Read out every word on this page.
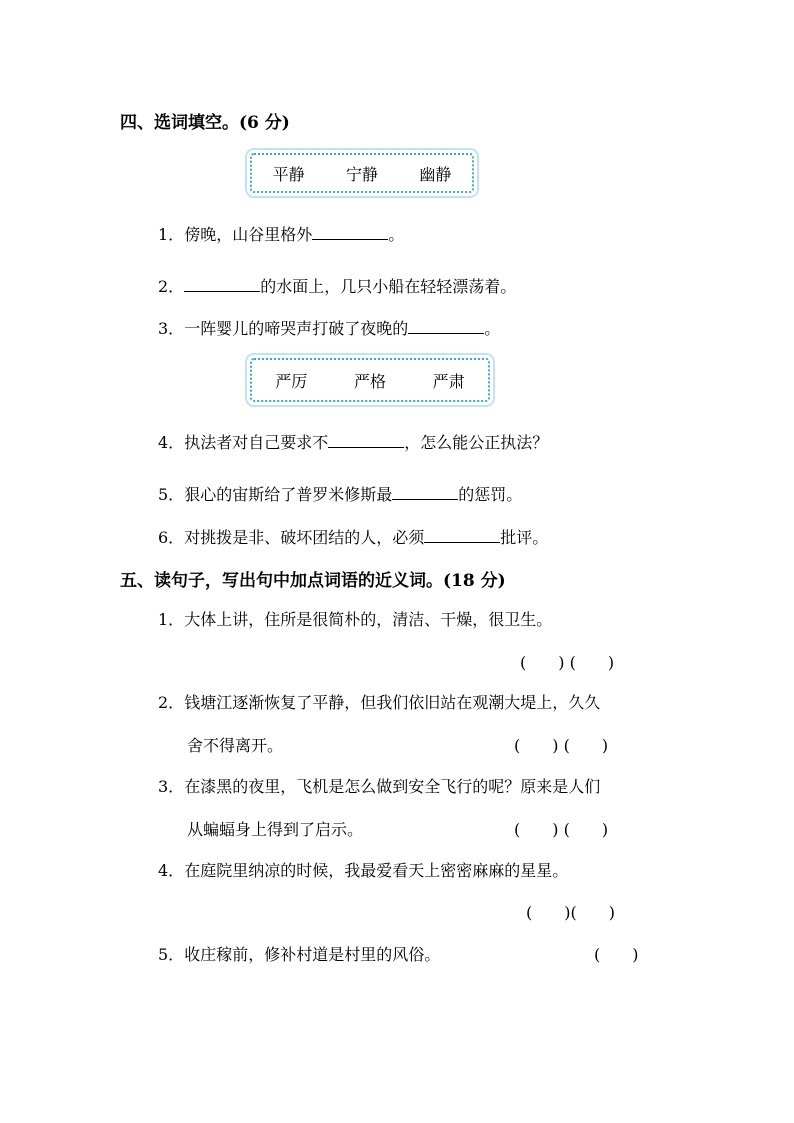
四、选词填空。(6 分)
平静	宁静	幽静
1．傍晚，山谷里格外	。
2．	的水面上，几只小船在轻轻漂荡着。
3．一阵婴儿的啼哭声打破了夜晚的	。
严厉	严格	严肃
4．执法者对自己要求不	，怎么能公正执法？
5．狠心的宙斯给了普罗米修斯最	的惩罚。
6．对挑拨是非、破坏团结的人，必须	批评。
五、读句子，写出句中加点词语的近义词。(18 分)
1．大体上讲，住所是很简朴的，清洁、干燥，很卫生。
(　　) (　　)
2．钱塘江逐渐恢复了平静，但我们依旧站在观潮大堤上，久久
舍不得离开。	(　　) (　　)
3．在漆黑的夜里，飞机是怎么做到安全飞行的呢？原来是人们
从蝙蝠身上得到了启示。	(　　) (　　)
4．在庭院里纳凉的时候，我最爱看天上密密麻麻的星星。
(　　)(　　)
5．收庄稼前，修补村道是村里的风俗。	(　　)
